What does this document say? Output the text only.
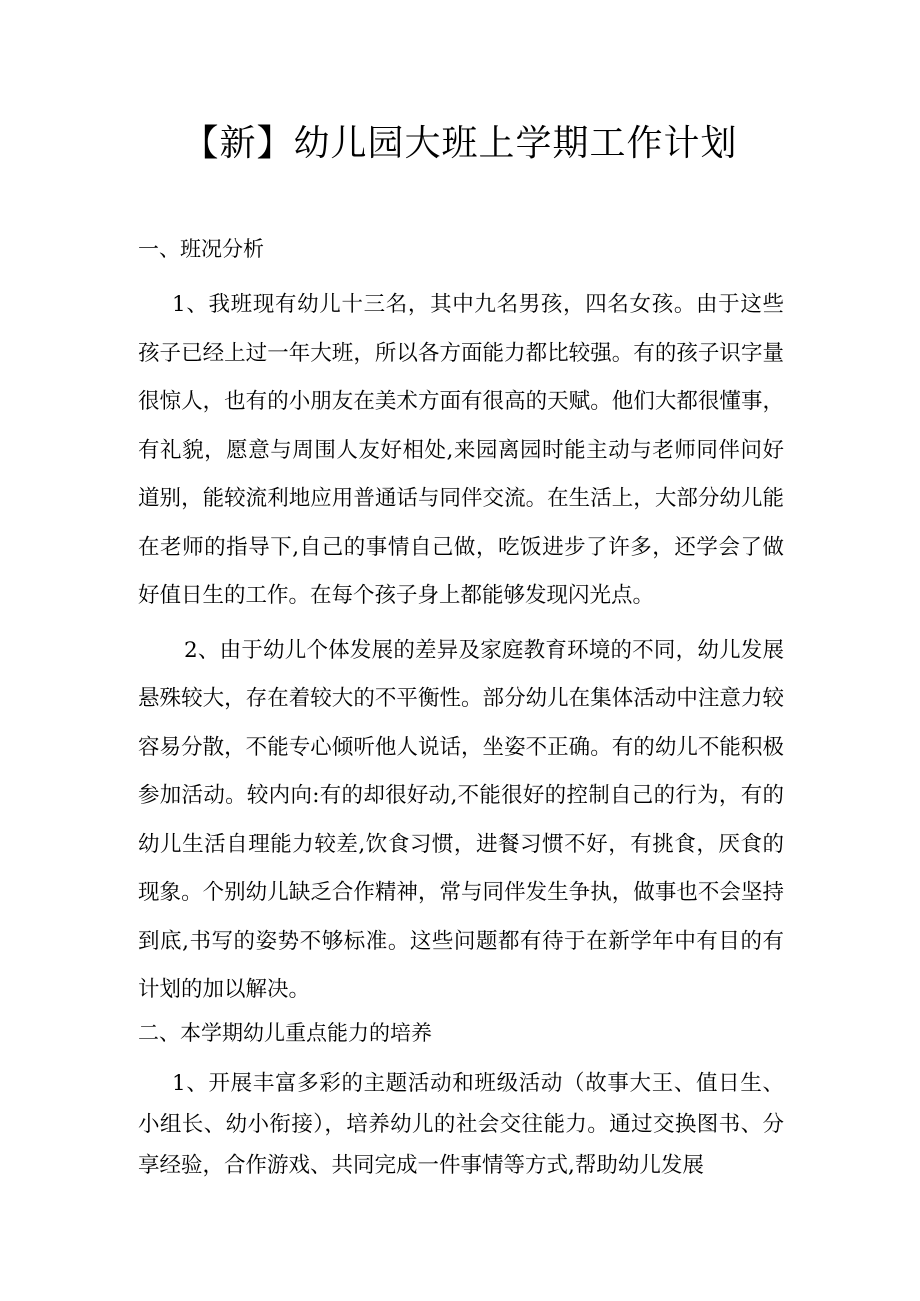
【新】幼儿园大班上学期工作计划
一、班况分析

1、我班现有幼儿十三名，其中九名男孩，四名女孩。由于这些孩子已经上过一年大班，所以各方面能力都比较强。有的孩子识字量很惊人，也有的小朋友在美术方面有很高的天赋。他们大都很懂事，有礼貌，愿意与周围人友好相处,来园离园时能主动与老师同伴问好道别，能较流利地应用普通话与同伴交流。在生活上，大部分幼儿能在老师的指导下,自己的事情自己做，吃饭进步了许多，还学会了做好值日生的工作。在每个孩子身上都能够发现闪光点。

2、由于幼儿个体发展的差异及家庭教育环境的不同，幼儿发展悬殊较大，存在着较大的不平衡性。部分幼儿在集体活动中注意力较容易分散，不能专心倾听他人说话，坐姿不正确。有的幼儿不能积极参加活动。较内向:有的却很好动,不能很好的控制自己的行为，有的幼儿生活自理能力较差,饮食习惯，进餐习惯不好，有挑食，厌食的现象。个别幼儿缺乏合作精神，常与同伴发生争执，做事也不会坚持到底,书写的姿势不够标准。这些问题都有待于在新学年中有目的有计划的加以解决。

二、本学期幼儿重点能力的培养

1、开展丰富多彩的主题活动和班级活动（故事大王、值日生、小组长、幼小衔接），培养幼儿的社会交往能力。通过交换图书、分享经验，合作游戏、共同完成一件事情等方式,帮助幼儿发展
